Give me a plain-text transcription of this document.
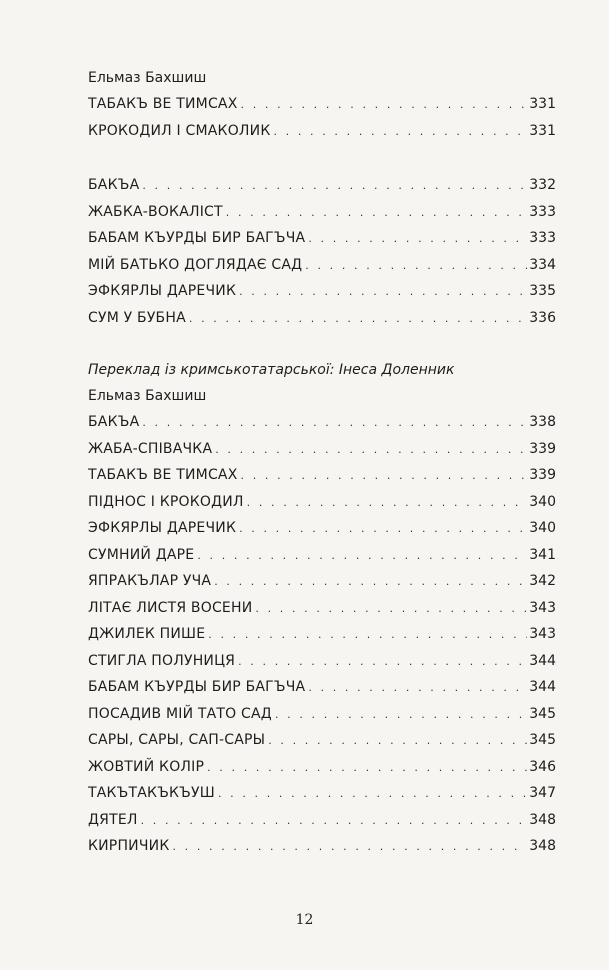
Ельмаз Бахшиш
ТАБАКЪ ВЕ ТИМСАХ . . .	331
КРОКОДИЛ І СМАКОЛИК . . .	331
БАКЪА . . .	332
ЖАБКА-ВОКАЛІСТ . . .	333
БАБАМ КЪУРДЫ БИР БАГЪЧА . . .	333
МІЙ БАТЬКО ДОГЛЯДАЄ САД . . .	334
ЭФКЯРЛЫ ДАРЕЧИК . . .	335
СУМ У БУБНА . . .	336
Переклад із кримськотатарської: Інеса Доленник
Ельмаз Бахшиш
БАКЪА . . .	338
ЖАБА-СПІВАЧКА . . .	339
ТАБАКЪ ВЕ ТИМСАХ . . .	339
ПІДНОС І КРОКОДИЛ . . .	340
ЭФКЯРЛЫ ДАРЕЧИК . . .	340
СУМНИЙ ДАРЕ . . .	341
ЯПРАКЪЛАР УЧА . . .	342
ЛІТАЄ ЛИСТЯ ВОСЕНИ . . .	343
ДЖИЛЕК ПИШЕ . . .	343
СТИГЛА ПОЛУНИЦЯ . . .	344
БАБАМ КЪУРДЫ БИР БАГЪЧА . . .	344
ПОСАДИВ МІЙ ТАТО САД . . .	345
САРЫ, САРЫ, САП-САРЫ . . .	345
ЖОВТИЙ КОЛІР . . .	346
ТАКЪТАКЪКЪУШ . . .	347
ДЯТЕЛ . . .	348
КИРПИЧИК . . .	348
12
